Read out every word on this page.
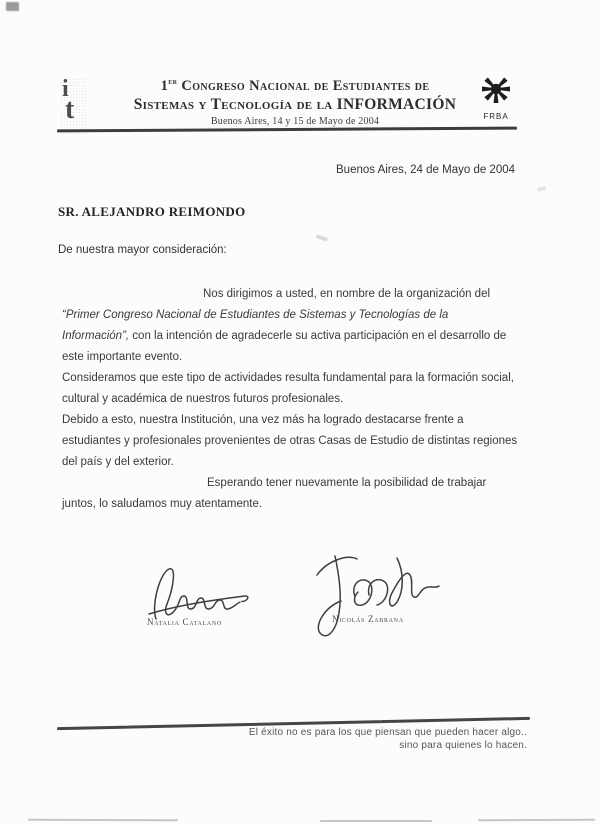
i
t
1er Congreso Nacional de Estudiantes de
Sistemas y Tecnología de la INFORMACIÓN
Buenos Aires, 14 y 15 de Mayo de 2004	FRBA
Buenos Aires, 24 de Mayo de 2004
SR. ALEJANDRO REIMONDO
De nuestra mayor consideración:
Nos dirigimos a usted, en nombre de la organización del
“Primer Congreso Nacional de Estudiantes de Sistemas y Tecnologías de la
Información”, con la intención de agradecerle su activa participación en el desarrollo de
este importante evento.
Consideramos que este tipo de actividades resulta fundamental para la formación social,
cultural y académica de nuestros futuros profesionales.
Debido a esto, nuestra Institución, una vez más ha logrado destacarse frente a
estudiantes y profesionales provenientes de otras Casas de Estudio de distintas regiones
del país y del exterior.
Esperando tener nuevamente la posibilidad de trabajar
juntos, lo saludamos muy atentamente.
Natalia Catalano	Nicolás Zabrana
El éxito no es para los que piensan que pueden hacer algo..
sino para quienes lo hacen.
